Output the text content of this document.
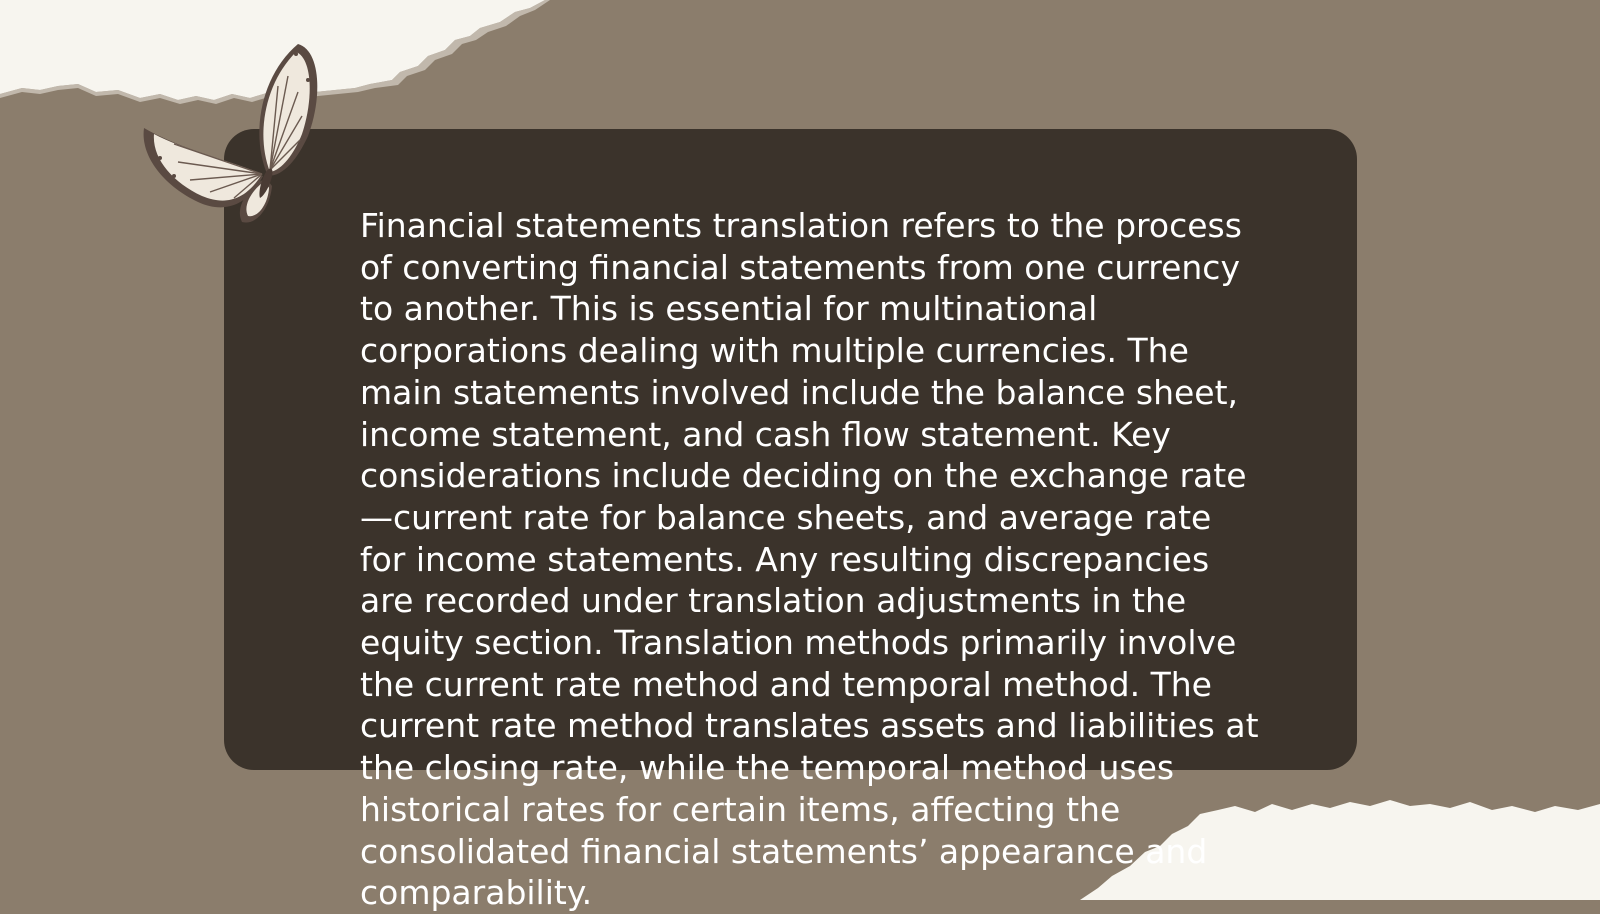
Financial statements translation refers to the process
of converting financial statements from one currency
to another. This is essential for multinational
corporations dealing with multiple currencies. The
main statements involved include the balance sheet,
income statement, and cash flow statement. Key
considerations include deciding on the exchange rate
—current rate for balance sheets, and average rate
for income statements. Any resulting discrepancies
are recorded under translation adjustments in the
equity section. Translation methods primarily involve
the current rate method and temporal method. The
current rate method translates assets and liabilities at
the closing rate, while the temporal method uses
historical rates for certain items, affecting the
consolidated financial statements’ appearance and
comparability.
